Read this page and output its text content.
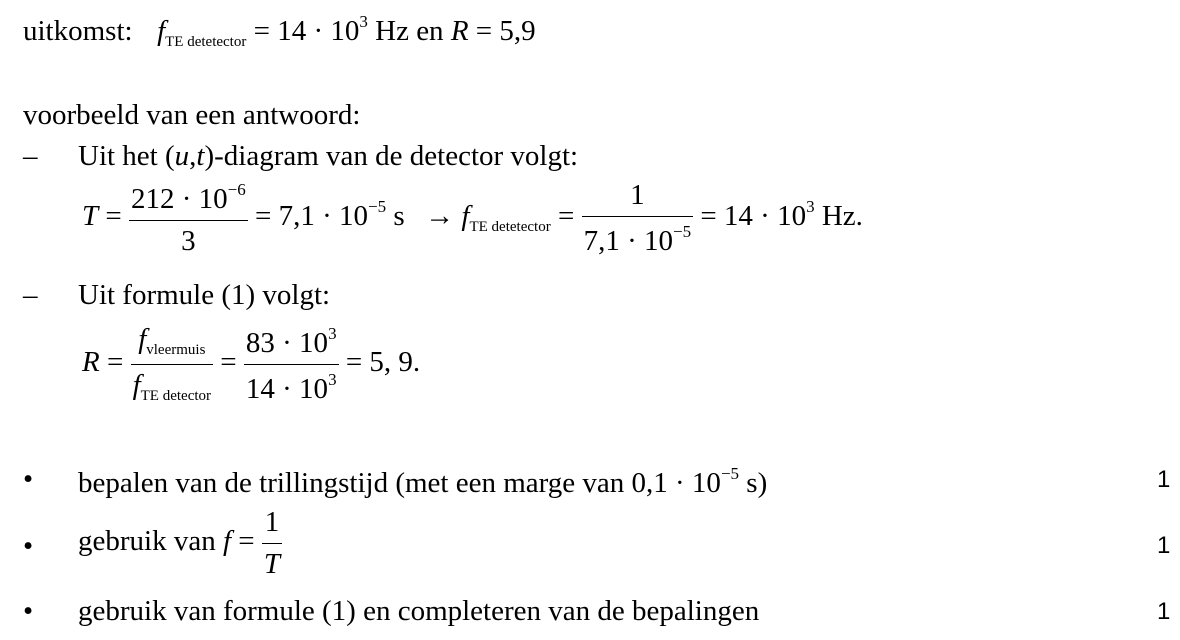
uitkomst: $f_{TE detetector} = 14 \cdot 10^3$ Hz en R = 5,9
voorbeeld van een antwoord:
– Uit het (u,t)-diagram van de detector volgt:
$T = \frac{212 \cdot 10^{-6}}{3} = 7,1 \cdot 10^{-5}$ $s \to f_{TE detetector} = \frac{1}{7,1 \cdot 10^{-5}} = 14 \cdot 10^3$ Hz.
– Uit formule (1) volgt:
$R = \frac{f_{vleermuis}}{f_{TE detector}} = \frac{83 \cdot 10^3}{14 \cdot 10^3} = 5$, 9.
• bepalen van de trillingstijd (met een marge van $0,1 \cdot 10^{-5}$ s)	1
• gebruik van $f = \frac{1}{T}$	1
• gebruik van formule (1) en completeren van de bepalingen	1
